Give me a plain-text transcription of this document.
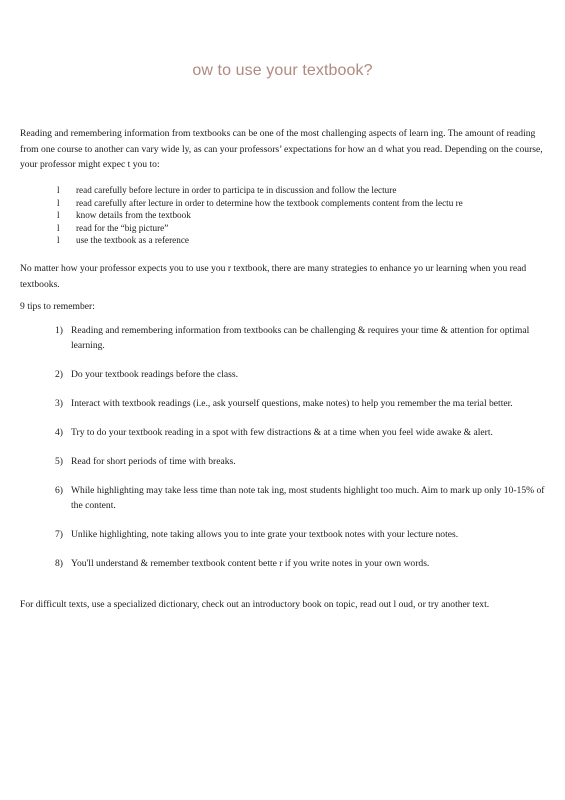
ow to use your textbook?
Reading and remembering information from textbooks can be one of the most challenging aspects of learn ing. The amount of reading from one course to another can vary wide ly, as can your professors’ expectations for how an d what you read. Depending on the course, your professor might expec t you to:
l	read carefully before lecture in order to participa te in discussion and follow the lecture
l	read carefully after lecture in order to determine how the textbook complements content from the lectu re
l	know details from the textbook
l	read for the “big picture”
l	use the textbook as a reference
No matter how your professor expects you to use you r textbook, there are many strategies to enhance yo ur learning when you read textbooks.
9 tips to remember:
1) Reading and remembering information from textbooks can be challenging & requires your time & attention for optimal learning.
2) Do your textbook readings before the class.
3) Interact with textbook readings (i.e., ask yourself questions, make notes) to help you remember the ma terial better.
4) Try to do your textbook reading in a spot with few distractions & at a time when you feel wide awake & alert.
5) Read for short periods of time with breaks.
6) While highlighting may take less time than note tak ing, most students highlight too much. Aim to mark up only 10-15% of the content.
7) Unlike highlighting, note taking allows you to inte grate your textbook notes with your lecture notes.
8) You'll understand & remember textbook content bette r if you write notes in your own words.
For difficult texts, use a specialized dictionary, check out an introductory book on topic, read out l oud, or try another text.
